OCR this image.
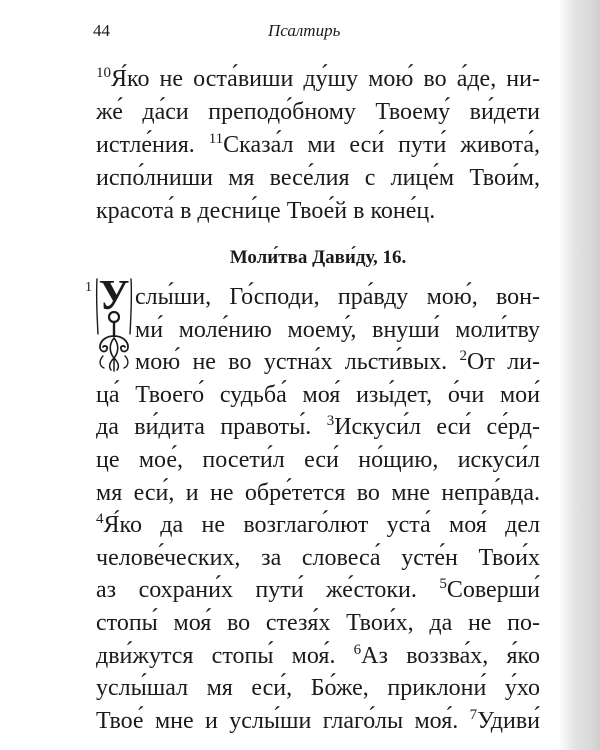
44	Псалтирь
$^{10}$Я́ко не оста́виши ду́шу мою́ во а́де, ни-
же́ да́си преподо́бному Твоему́ ви́дети
истле́ния. $^{11}$Сказа́л ми еси́ пути́ живота́,
испо́лниши мя весе́лия с лице́м Твои́м,
красота́ в десни́це Твое́й в коне́ц.
Моли́тва Дави́ду, 16.
1 У слы́ши, Го́споди, пра́вду мою́, вон-
ми́ моле́нию моему́, внуши́ моли́тву
мою́ не во устна́х льсти́вых. $^2$От ли-
ца́ Твоего́ судьба́ моя́ изы́дет, о́чи мои́
да ви́дита правоты́. $^3$Искуси́л еси́ се́рд-
це мое́, посети́л еси́ но́щию, искуси́л
мя еси́, и не обре́тется во мне непра́вда.
$^4$Я́ко да не возглаго́лют уста́ моя́ дел
челове́ческих, за словеса́ усте́н Твои́х
аз сохрани́х пути́ же́стоки. $^5$Соверши́
стопы́ моя́ во стезя́х Твои́х, да не по-
дви́жутся стопы́ моя́. $^6$Аз воззва́х, я́ко
услы́шал мя еси́, Бо́же, приклони́ у́хо
Твое́ мне и услы́ши глаго́лы моя́. $^7$Удиви́
